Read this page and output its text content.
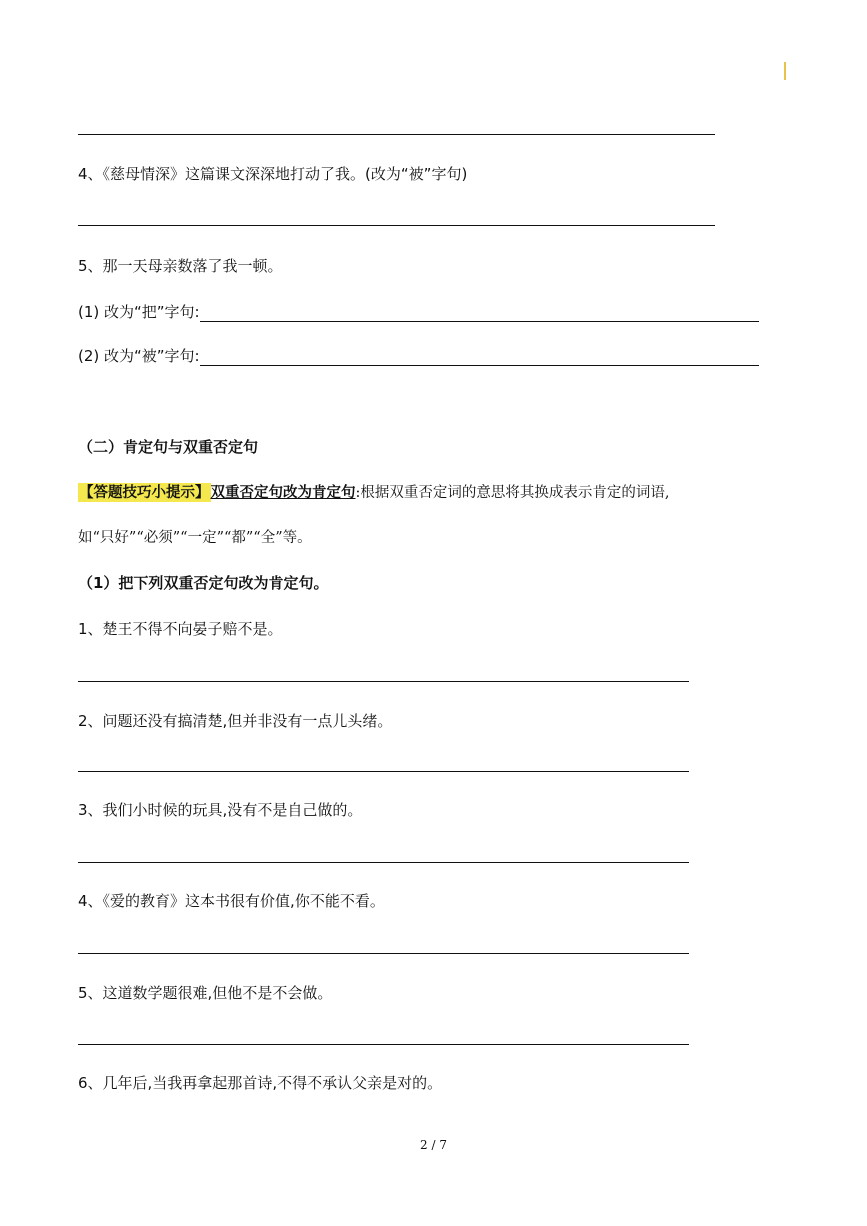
4、《慈母情深》这篇课文深深地打动了我。(改为“被”字句)
5、那一天母亲数落了我一顿。
(1) 改为“把”字句:
(2) 改为“被”字句:
（二）肯定句与双重否定句
【答题技巧小提示】双重否定句改为肯定句:根据双重否定词的意思将其换成表示肯定的词语,
如“只好”“必须”“一定”“都”“全”等。
（1）把下列双重否定句改为肯定句。
1、楚王不得不向晏子赔不是。
2、问题还没有搞清楚,但并非没有一点儿头绪。
3、我们小时候的玩具,没有不是自己做的。
4、《爱的教育》这本书很有价值,你不能不看。
5、这道数学题很难,但他不是不会做。
6、几年后,当我再拿起那首诗,不得不承认父亲是对的。
2 / 7
